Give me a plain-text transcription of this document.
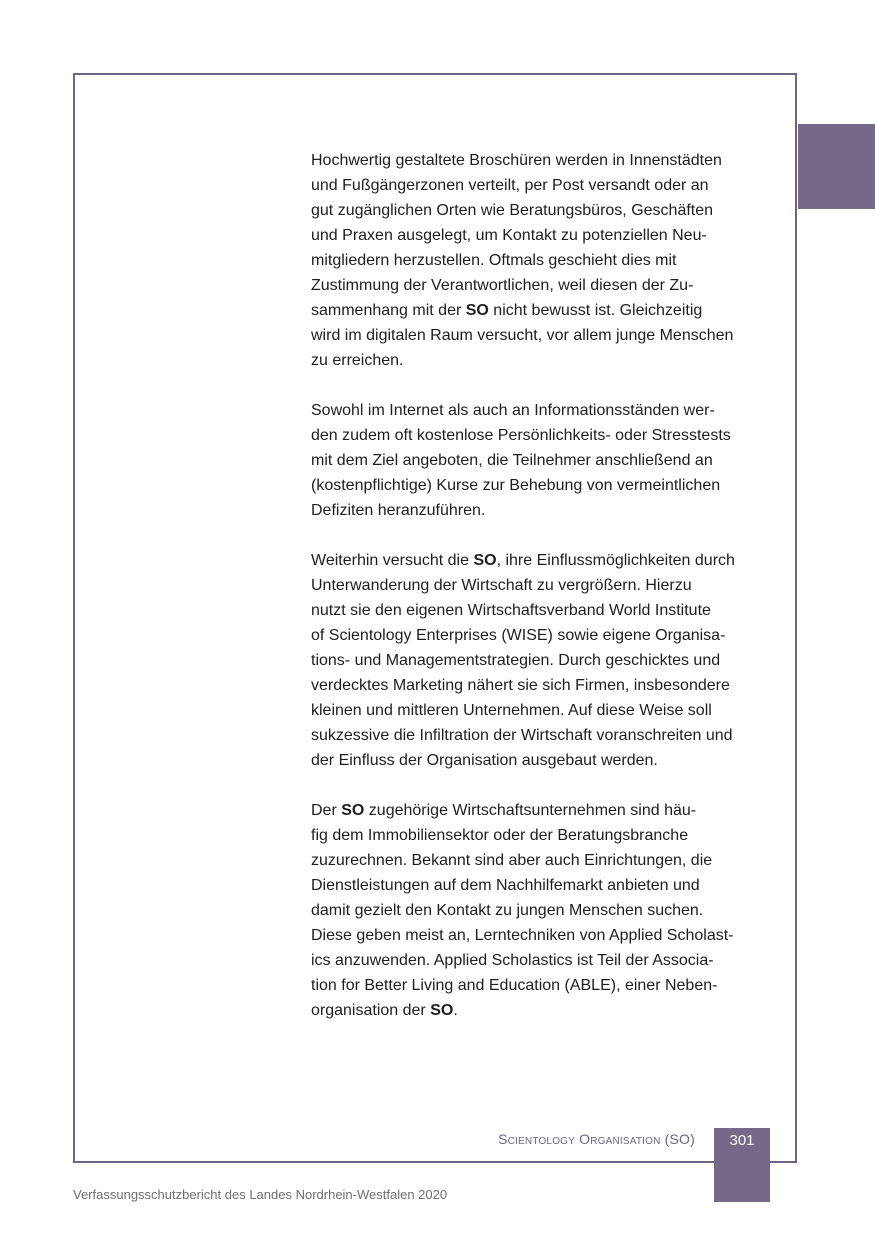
Hochwertig gestaltete Broschüren werden in Innenstädten
und Fußgängerzonen verteilt, per Post versandt oder an
gut zugänglichen Orten wie Beratungsbüros, Geschäften
und Praxen ausgelegt, um Kontakt zu potenziellen Neu-
mitgliedern herzustellen. Oftmals geschieht dies mit
Zustimmung der Verantwortlichen, weil diesen der Zu-
sammenhang mit der SO nicht bewusst ist. Gleichzeitig
wird im digitalen Raum versucht, vor allem junge Menschen
zu erreichen.

Sowohl im Internet als auch an Informationsständen wer-
den zudem oft kostenlose Persönlichkeits- oder Stresstests
mit dem Ziel angeboten, die Teilnehmer anschließend an
(kostenpflichtige) Kurse zur Behebung von vermeintlichen
Defiziten heranzuführen.

Weiterhin versucht die SO, ihre Einflussmöglichkeiten durch
Unterwanderung der Wirtschaft zu vergrößern. Hierzu
nutzt sie den eigenen Wirtschaftsverband World Institute
of Scientology Enterprises (WISE) sowie eigene Organisa-
tions- und Managementstrategien. Durch geschicktes und
verdecktes Marketing nähert sie sich Firmen, insbesondere
kleinen und mittleren Unternehmen. Auf diese Weise soll
sukzessive die Infiltration der Wirtschaft voranschreiten und
der Einfluss der Organisation ausgebaut werden.

Der SO zugehörige Wirtschaftsunternehmen sind häu-
fig dem Immobiliensektor oder der Beratungsbranche
zuzurechnen. Bekannt sind aber auch Einrichtungen, die
Dienstleistungen auf dem Nachhilfemarkt anbieten und
damit gezielt den Kontakt zu jungen Menschen suchen.
Diese geben meist an, Lerntechniken von Applied Scholast-
ics anzuwenden. Applied Scholastics ist Teil der Associa-
tion for Better Living and Education (ABLE), einer Neben-
organisation der SO.

Scientology Organisation (SO)	301
Verfassungsschutzbericht des Landes Nordrhein-Westfalen 2020
